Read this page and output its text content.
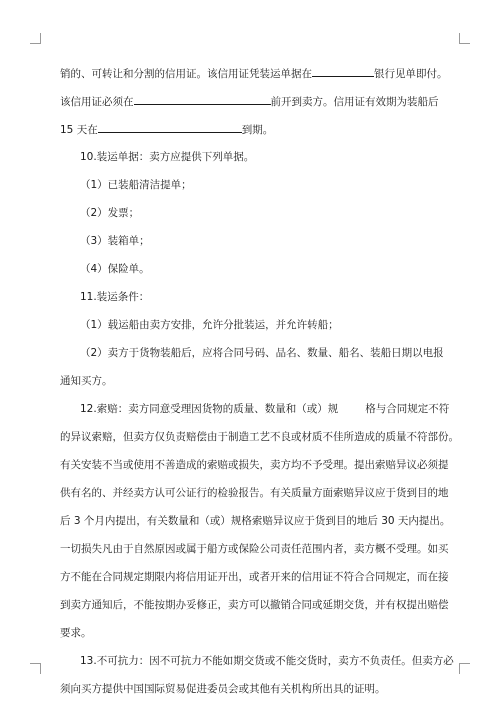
销的、可转让和分割的信用证。该信用证凭装运单据在	银行见单即付。
该信用证必须在	前开到卖方。信用证有效期为装船后
15 天在	到期。
10.装运单据：卖方应提供下列单据。
（1）已装船清洁提单；
（2）发票；
（3）装箱单；
（4）保险单。
11.装运条件：
（1）载运船由卖方安排，允许分批装运，并允许转船；
（2）卖方于货物装船后，应将合同号码、品名、数量、船名、装船日期以电报
通知买方。
12.索赔：卖方同意受理因货物的质量、数量和（或）规	格与合同规定不符
的异议索赔，但卖方仅负责赔偿由于制造工艺不良或材质不佳所造成的质量不符部份。
有关安装不当或使用不善造成的索赔或损失，卖方均不予受理。提出索赔异议必须提
供有名的、并经卖方认可公证行的检验报告。有关质量方面索赔异议应于货到目的地
后 3 个月内提出，有关数量和（或）规格索赔异议应于货到目的地后 30 天内提出。
一切损失凡由于自然原因或属于船方或保险公司责任范围内者，卖方概不受理。如买
方不能在合同规定期限内将信用证开出，或者开来的信用证不符合合同规定，而在接
到卖方通知后，不能按期办妥修正，卖方可以撤销合同或延期交货，并有权提出赔偿
要求。
13.不可抗力：因不可抗力不能如期交货或不能交货时，卖方不负责任。但卖方必
须向买方提供中国国际贸易促进委员会或其他有关机构所出具的证明。
